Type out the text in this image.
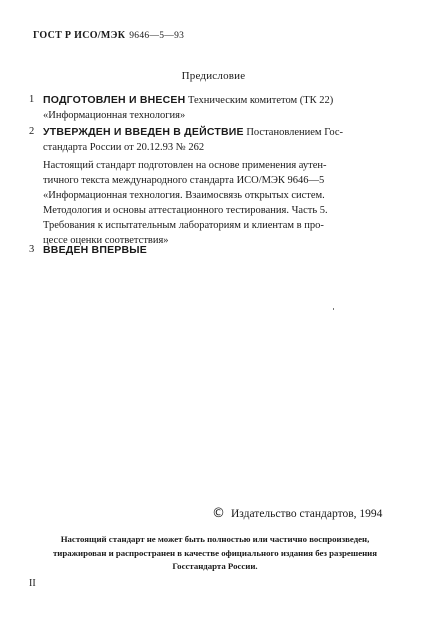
ГОСТ Р ИСО/МЭК 9646—5—93
Предисловие
1 ПОДГОТОВЛЕН И ВНЕСЕН Техническим комитетом (ТК 22)
«Информационная технология»
2 УТВЕРЖДЕН И ВВЕДЕН В ДЕЙСТВИЕ Постановлением Гос-
стандарта России от 20.12.93 № 262
Настоящий стандарт подготовлен на основе применения аутен-
тичного текста международного стандарта ИСО/МЭК 9646—5
«Информационная технология. Взаимосвязь открытых систем.
Методология и основы аттестационного тестирования. Часть 5.
Требования к испытательным лабораториям и клиентам в про-
цессе оценки соответствия»
3 ВВЕДЕН ВПЕРВЫЕ
© Издательство стандартов, 1994
Настоящий стандарт не может быть полностью или частично воспроизведен,
тиражирован и распространен в качестве официального издания без разрешения
Госстандарта России.
II
